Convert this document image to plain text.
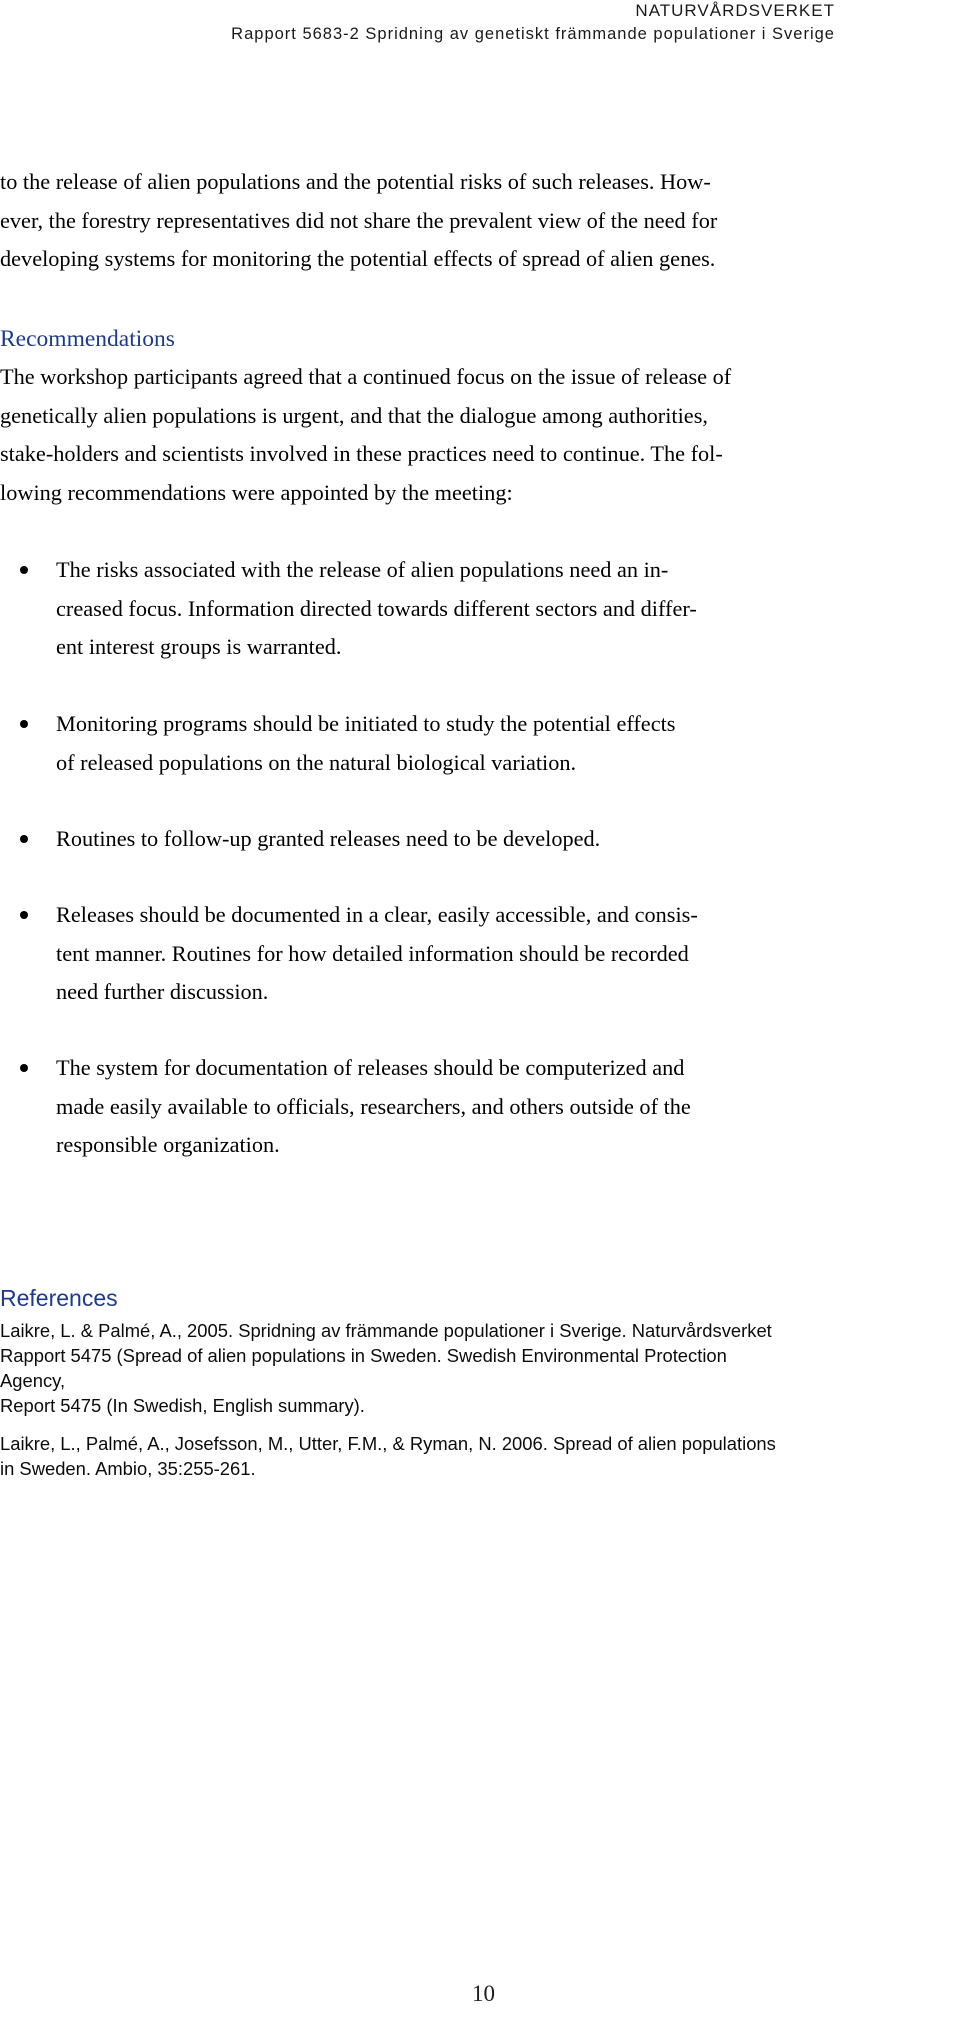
NATURVÅRDSVERKET
Rapport 5683-2 Spridning av genetiskt främmande populationer i Sverige
to the release of alien populations and the potential risks of such releases. How-
ever, the forestry representatives did not share the prevalent view of the need for
developing systems for monitoring the potential effects of spread of alien genes.
Recommendations
The workshop participants agreed that a continued focus on the issue of release of
genetically alien populations is urgent, and that the dialogue among authorities,
stake-holders and scientists involved in these practices need to continue. The fol-
lowing recommendations were appointed by the meeting:
The risks associated with the release of alien populations need an in-
creased focus. Information directed towards different sectors and differ-
ent interest groups is warranted.
Monitoring programs should be initiated to study the potential effects
of released populations on the natural biological variation.
Routines to follow-up granted releases need to be developed.
Releases should be documented in a clear, easily accessible, and consis-
tent manner. Routines for how detailed information should be recorded
need further discussion.
The system for documentation of releases should be computerized and
made easily available to officials, researchers, and others outside of the
responsible organization.
References
Laikre, L. & Palmé, A., 2005. Spridning av främmande populationer i Sverige. Naturvårdsverket
Rapport 5475 (Spread of alien populations in Sweden. Swedish Environmental Protection
Agency,
Report 5475 (In Swedish, English summary).
Laikre, L., Palmé, A., Josefsson, M., Utter, F.M., & Ryman, N. 2006. Spread of alien populations
in Sweden. Ambio, 35:255-261.
10
